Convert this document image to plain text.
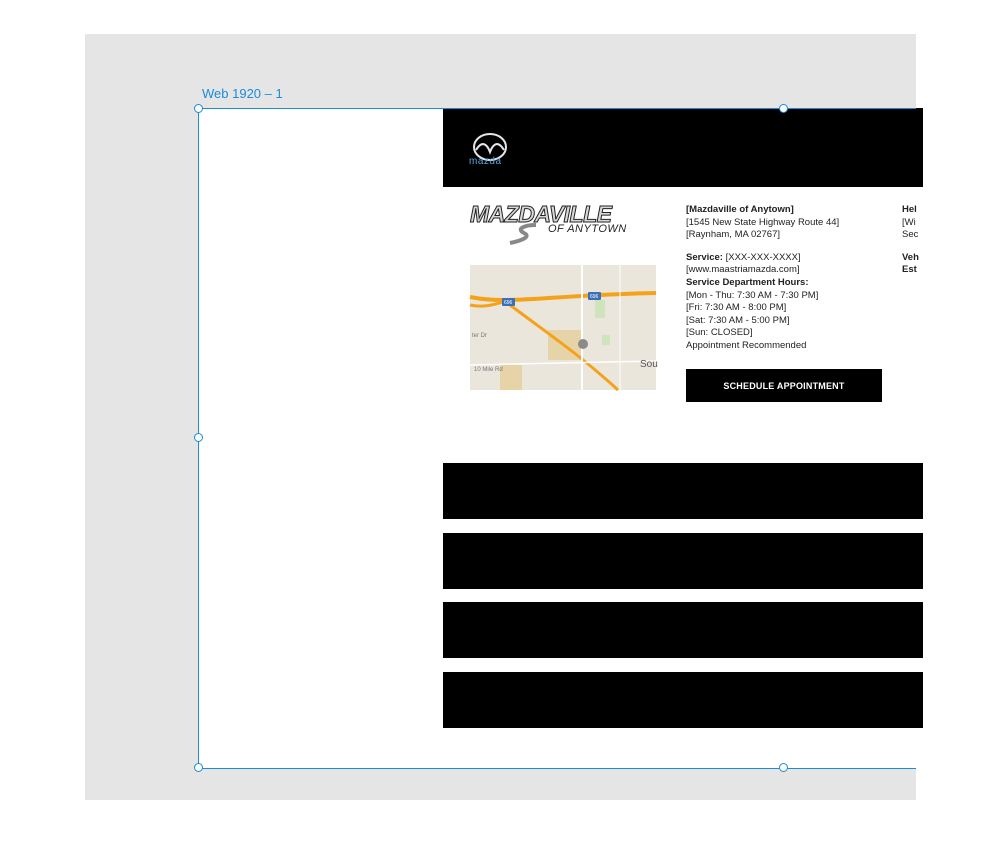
Web 1920 – 1
mazda
MAZDAVILLE
OF ANYTOWN
Sou
ter Dr
10 Mile Rd
696
696
[Mazdaville of Anytown]
[1545 New State Highway Route 44]
[Raynham, MA 02767]
Service: [XXX-XXX-XXXX]
[www.maastriamazda.com]
Service Department Hours:
[Mon - Thu: 7:30 AM - 7:30 PM]
[Fri: 7:30 AM - 8:00 PM]
[Sat: 7:30 AM - 5:00 PM]
[Sun: CLOSED]
Appointment Recommended
SCHEDULE APPOINTMENT
Hel
[Wi
Sec
Veh
Est
